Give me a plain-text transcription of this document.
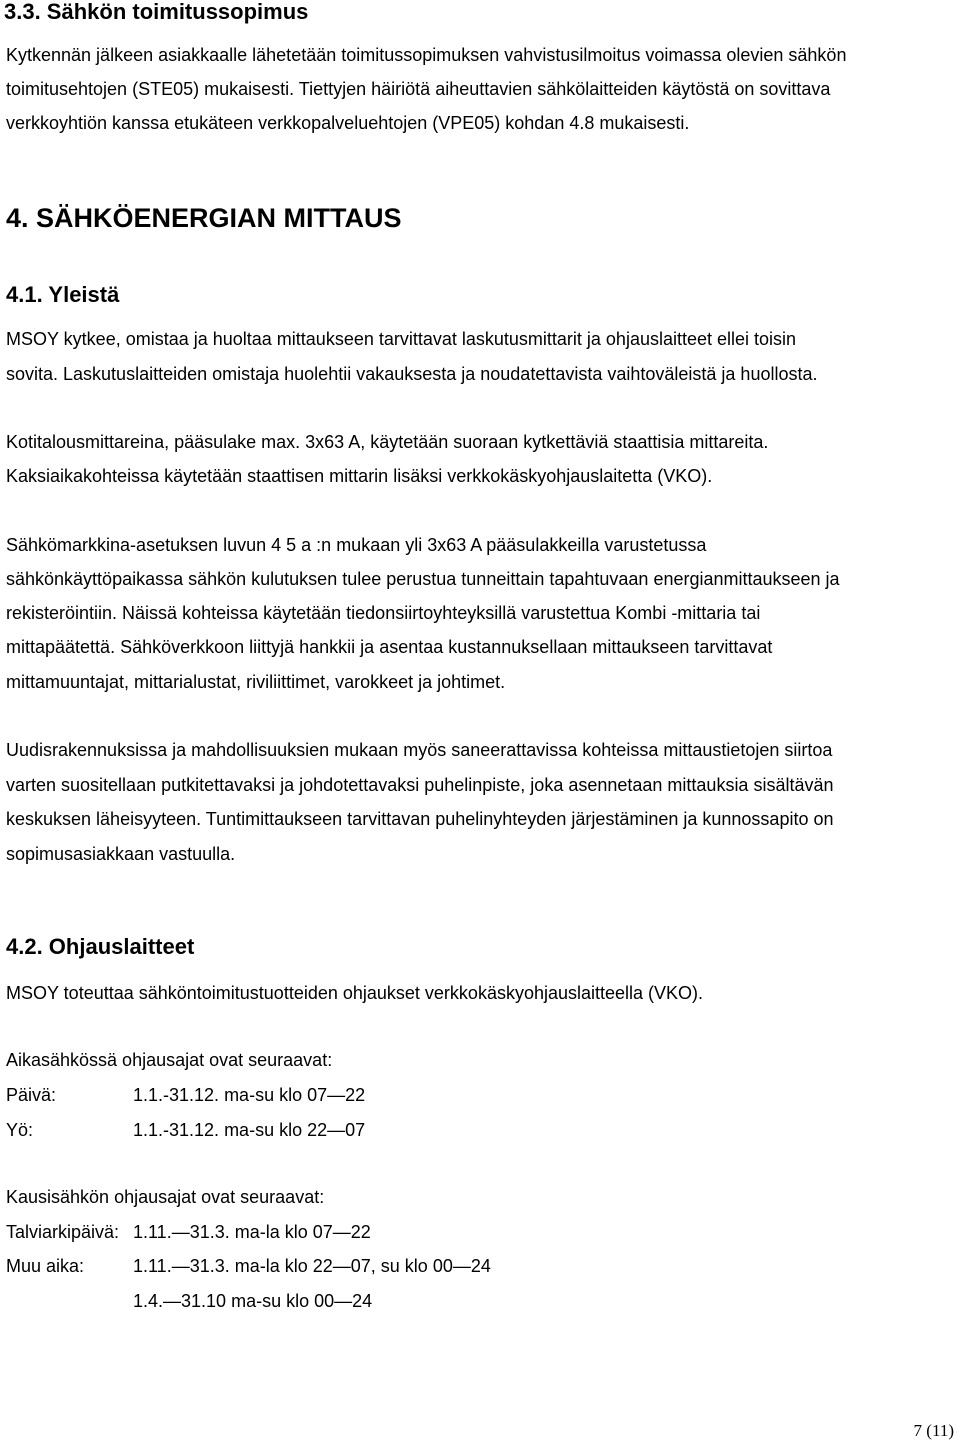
3.3. Sähkön toimitussopimus
Kytkennän jälkeen asiakkaalle lähetetään toimitussopimuksen vahvistusilmoitus voimassa olevien sähkön
toimitusehtojen (STE05) mukaisesti. Tiettyjen häiriötä aiheuttavien sähkölaitteiden käytöstä on sovittava
verkkoyhtiön kanssa etukäteen verkkopalveluehtojen (VPE05) kohdan 4.8 mukaisesti.
4. SÄHKÖENERGIAN MITTAUS
4.1. Yleistä
MSOY kytkee, omistaa ja huoltaa mittaukseen tarvittavat laskutusmittarit ja ohjauslaitteet ellei toisin
sovita. Laskutuslaitteiden omistaja huolehtii vakauksesta ja noudatettavista vaihtoväleistä ja huollosta.
Kotitalousmittareina, pääsulake max. 3x63 A, käytetään suoraan kytkettäviä staattisia mittareita.
Kaksiaikakohteissa käytetään staattisen mittarin lisäksi verkkokäskyohjauslaitetta (VKO).
Sähkömarkkina-asetuksen luvun 4 5 a :n mukaan yli 3x63 A pääsulakkeilla varustetussa
sähkönkäyttöpaikassa sähkön kulutuksen tulee perustua tunneittain tapahtuvaan energianmittaukseen ja
rekisteröintiin. Näissä kohteissa käytetään tiedonsiirtoyhteyksillä varustettua Kombi -mittaria tai
mittapäätettä. Sähköverkkoon liittyjä hankkii ja asentaa kustannuksellaan mittaukseen tarvittavat
mittamuuntajat, mittarialustat, riviliittimet, varokkeet ja johtimet.
Uudisrakennuksissa ja mahdollisuuksien mukaan myös saneerattavissa kohteissa mittaustietojen siirtoa
varten suositellaan putkitettavaksi ja johdotettavaksi puhelinpiste, joka asennetaan mittauksia sisältävän
keskuksen läheisyyteen. Tuntimittaukseen tarvittavan puhelinyhteyden järjestäminen ja kunnossapito on
sopimusasiakkaan vastuulla.
4.2. Ohjauslaitteet
MSOY toteuttaa sähköntoimitustuotteiden ohjaukset verkkokäskyohjauslaitteella (VKO).
Aikasähkössä ohjausajat ovat seuraavat:
Päivä:	1.1.-31.12. ma-su klo 07—22
Yö:	1.1.-31.12. ma-su klo 22—07
Kausisähkön ohjausajat ovat seuraavat:
Talviarkipäivä: 1.11.—31.3. ma-la klo 07—22
Muu aika:	1.11.—31.3. ma-la klo 22—07, su klo 00—24
1.4.—31.10 ma-su klo 00—24
7 (11)
